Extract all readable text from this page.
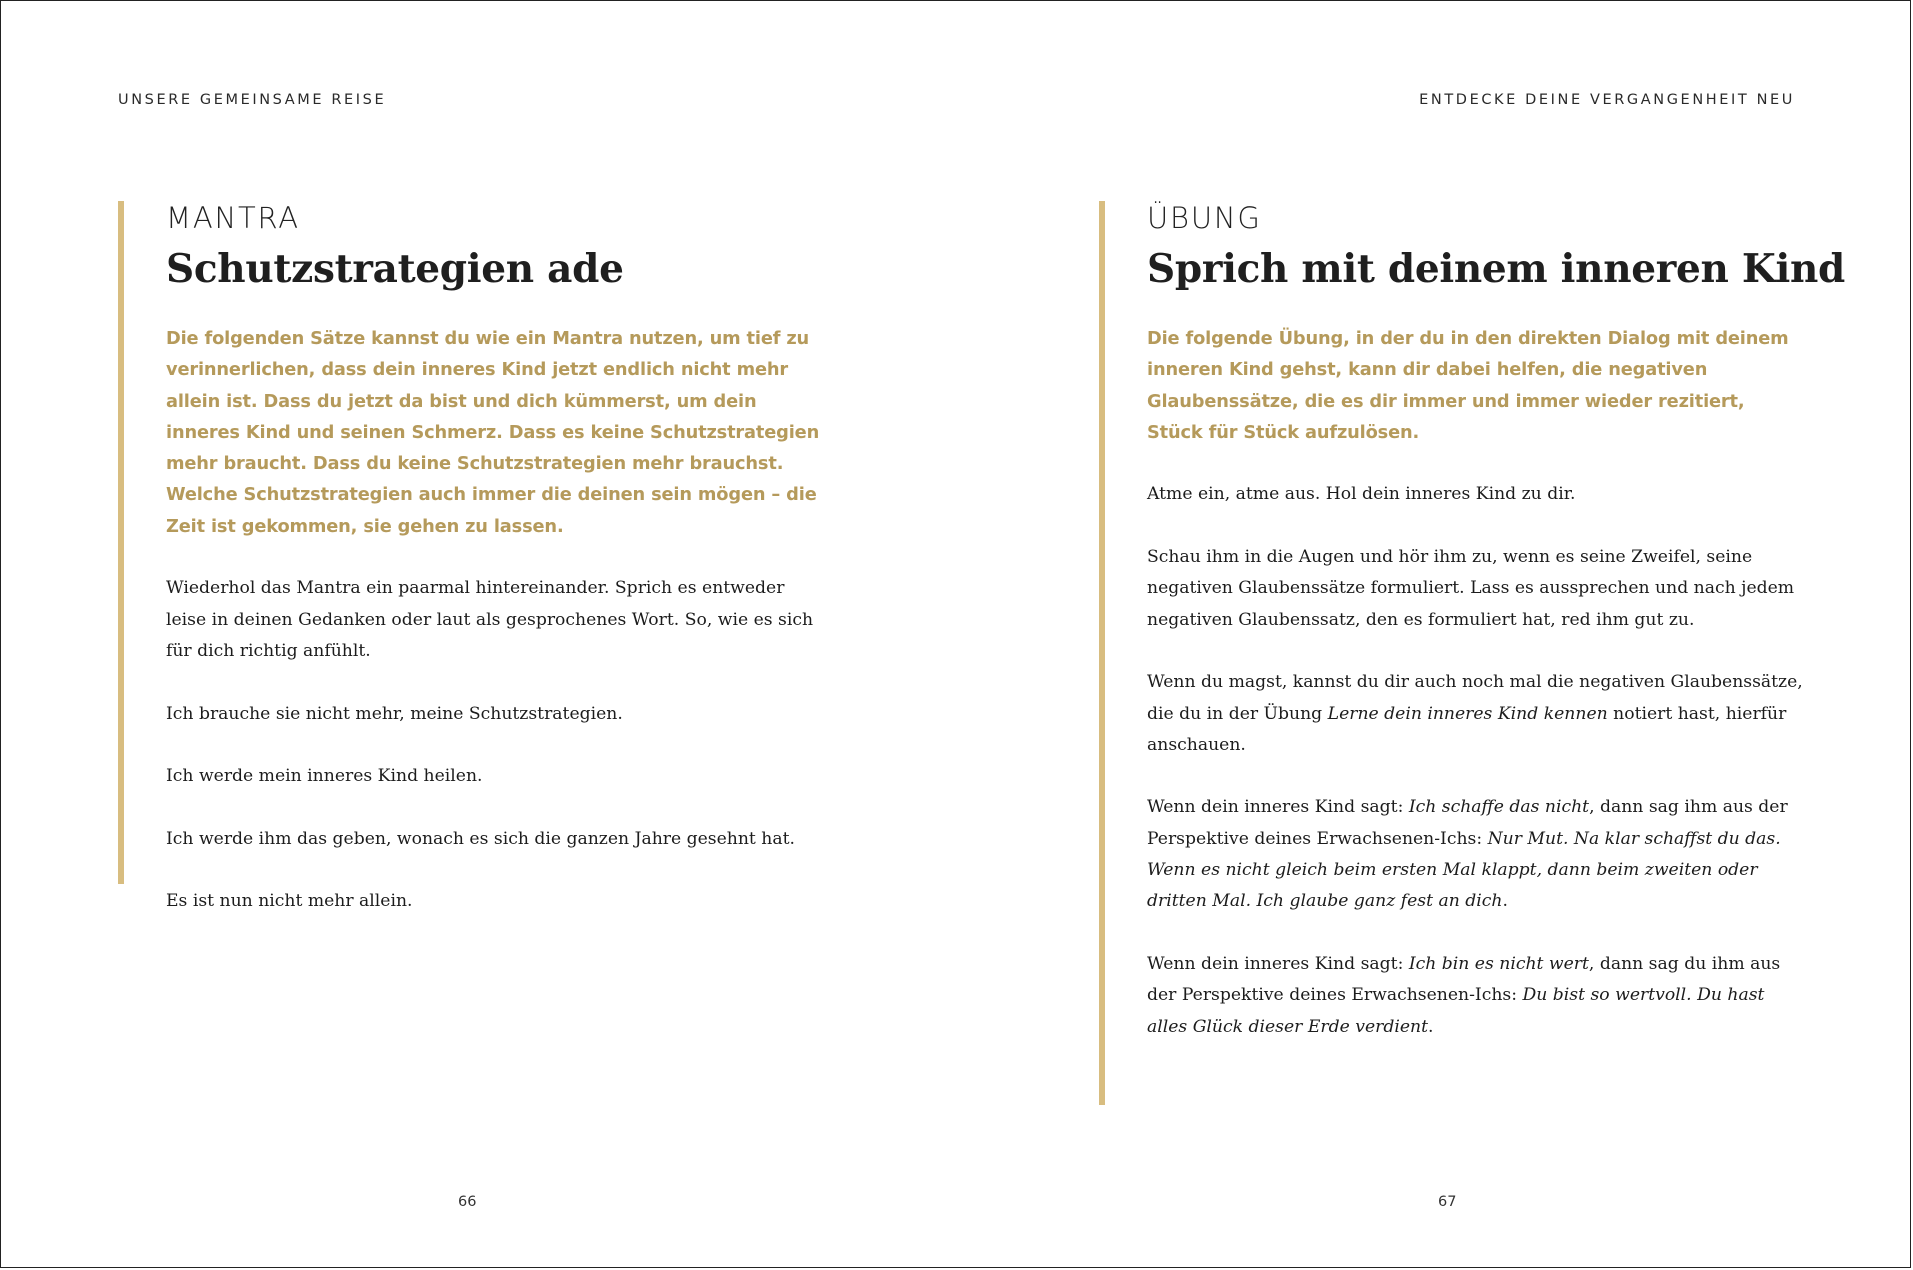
UNSERE GEMEINSAME REISE

MANTRA

Schutzstrategien ade

Die folgenden Sätze kannst du wie ein Mantra nutzen, um tief zu verinnerlichen, dass dein inneres Kind jetzt endlich nicht mehr allein ist. Dass du jetzt da bist und dich kümmerst, um dein inneres Kind und seinen Schmerz. Dass es keine Schutzstrategien mehr braucht. Dass du keine Schutzstrategien mehr brauchst. Welche Schutzstrategien auch immer die deinen sein mögen – die Zeit ist gekommen, sie gehen zu lassen.

Wiederhol das Mantra ein paarmal hintereinander. Sprich es entweder leise in deinen Gedanken oder laut als gesprochenes Wort. So, wie es sich für dich richtig anfühlt.

Ich brauche sie nicht mehr, meine Schutzstrategien.

Ich werde mein inneres Kind heilen.

Ich werde ihm das geben, wonach es sich die ganzen Jahre gesehnt hat.

Es ist nun nicht mehr allein.

66
ENTDECKE DEINE VERGANGENHEIT NEU

ÜBUNG

Sprich mit deinem inneren Kind

Die folgende Übung, in der du in den direkten Dialog mit deinem inneren Kind gehst, kann dir dabei helfen, die negativen Glaubenssätze, die es dir immer und immer wieder rezitiert, Stück für Stück aufzulösen.

Atme ein, atme aus. Hol dein inneres Kind zu dir.

Schau ihm in die Augen und hör ihm zu, wenn es seine Zweifel, seine negativen Glaubenssätze formuliert. Lass es aussprechen und nach jedem negativen Glaubenssatz, den es formuliert hat, red ihm gut zu.

Wenn du magst, kannst du dir auch noch mal die negativen Glaubenssätze, die du in der Übung Lerne dein inneres Kind kennen notiert hast, hierfür anschauen.

Wenn dein inneres Kind sagt: Ich schaffe das nicht, dann sag ihm aus der Perspektive deines Erwachsenen-Ichs: Nur Mut. Na klar schaffst du das. Wenn es nicht gleich beim ersten Mal klappt, dann beim zweiten oder dritten Mal. Ich glaube ganz fest an dich.

Wenn dein inneres Kind sagt: Ich bin es nicht wert, dann sag du ihm aus der Perspektive deines Erwachsenen-Ichs: Du bist so wertvoll. Du hast alles Glück dieser Erde verdient.

67
